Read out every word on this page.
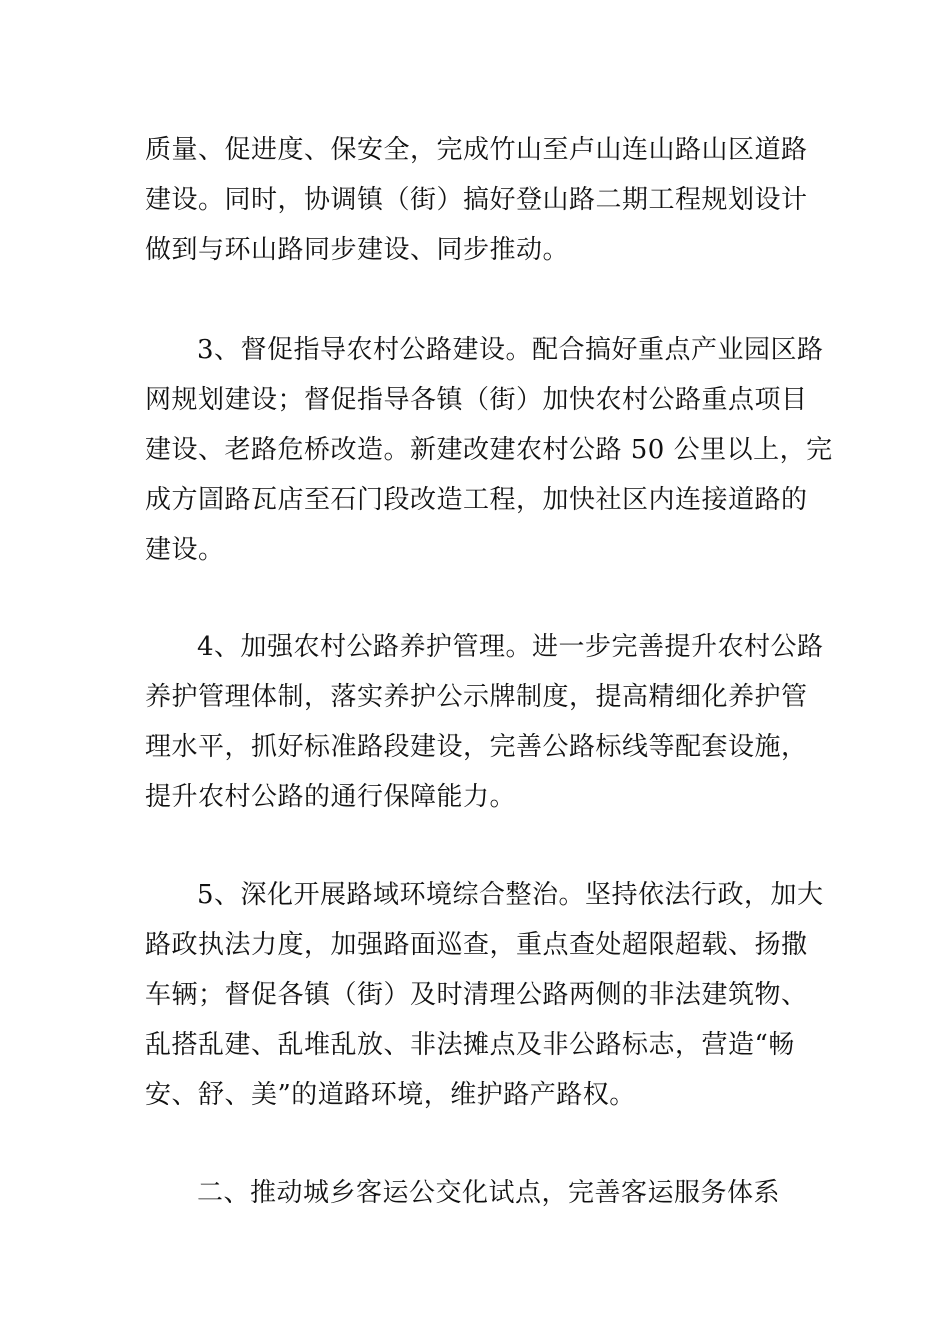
质量、促进度、保安全，完成竹山至卢山连山路山区道路
建设。同时，协调镇（街）搞好登山路二期工程规划设计
做到与环山路同步建设、同步推动。
3、督促指导农村公路建设。配合搞好重点产业园区路
网规划建设；督促指导各镇（街）加快农村公路重点项目
建设、老路危桥改造。新建改建农村公路 50 公里以上，完
成方圁路瓦店至石门段改造工程，加快社区内连接道路的
建设。
4、加强农村公路养护管理。进一步完善提升农村公路
养护管理体制，落实养护公示牌制度，提高精细化养护管
理水平，抓好标准路段建设，完善公路标线等配套设施，
提升农村公路的通行保障能力。
5、深化开展路域环境综合整治。坚持依法行政，加大
路政执法力度，加强路面巡查，重点查处超限超载、扬撒
车辆；督促各镇（街）及时清理公路两侧的非法建筑物、
乱搭乱建、乱堆乱放、非法摊点及非公路标志，营造“畅
安、舒、美”的道路环境，维护路产路权。
二、推动城乡客运公交化试点，完善客运服务体系
